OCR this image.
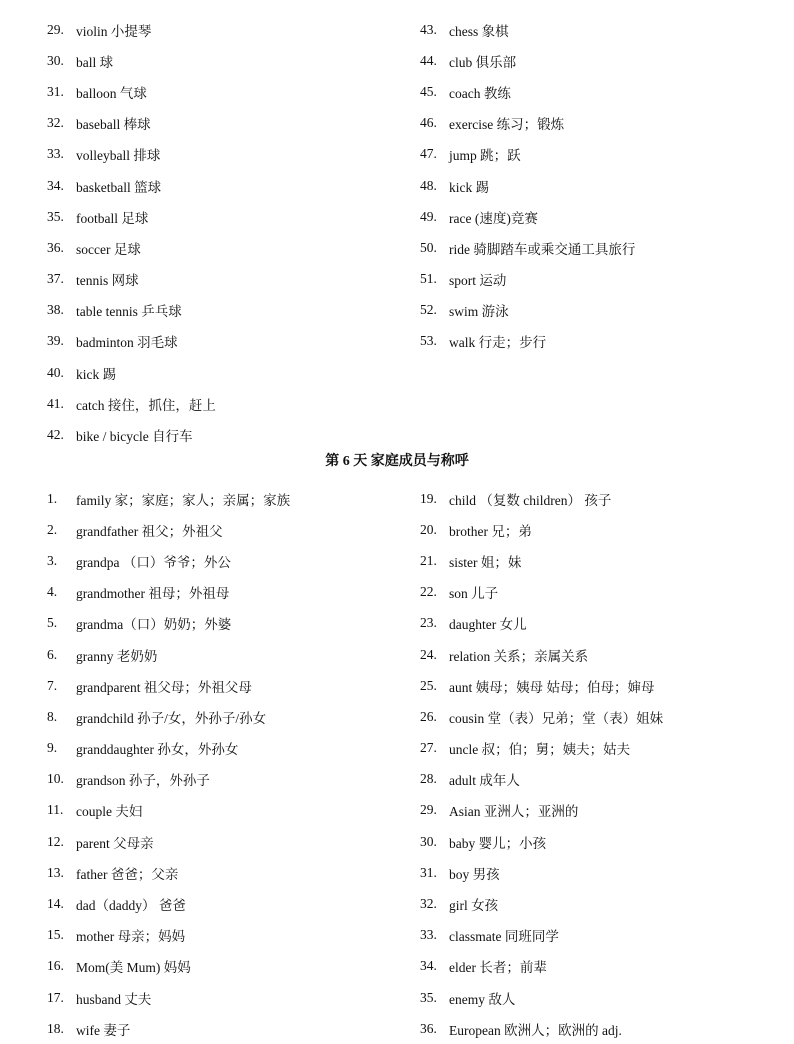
29. violin 小提琴
30. ball 球
31. balloon 气球
32. baseball 棒球
33. volleyball 排球
34. basketball 篮球
35. football 足球
36. soccer 足球
37. tennis 网球
38. table tennis 乒乓球
39. badminton 羽毛球
40. kick 踢
41. catch 接住，抓住，赶上
42. bike / bicycle 自行车
43. chess 象棋
44. club 俱乐部
45. coach 教练
46. exercise 练习；锻炼
47. jump 跳；跃
48. kick 踢
49. race (速度)竞赛
50. ride 骑脚踏车或乘交通工具旅行
51. sport 运动
52. swim 游泳
53. walk 行走；步行
第 6 天 家庭成员与称呼
1.	family 家；家庭；家人；亲属；家族
2.	grandfather 祖父；外祖父
3.	grandpa （口）爷爷；外公
4.	grandmother 祖母；外祖母
5.	grandma（口）奶奶；外婆
6.	granny 老奶奶
7.	grandparent 祖父母；外祖父母
8.	grandchild 孙子/女，外孙子/孙女
9.	granddaughter 孙女，外孙女
10. grandson 孙子，外孙子
11. couple 夫妇
12. parent 父母亲
13. father 爸爸；父亲
14. dad（daddy） 爸爸
15. mother 母亲；妈妈
16. Mom(美 Mum) 妈妈
17. husband 丈夫
18. wife 妻子
19. child （复数 children） 孩子
20. brother 兄；弟
21. sister 姐；妹
22. son 儿子
23. daughter 女儿
24. relation 关系；亲属关系
25. aunt 姨母；姨母 姑母；伯母；婶母
26. cousin 堂（表）兄弟；堂（表）姐妹
27. uncle 叔；伯；舅；姨夫；姑夫
28. adult 成年人
29. Asian 亚洲人；亚洲的
30. baby 婴儿；小孩
31. boy 男孩
32. girl 女孩
33. classmate 同班同学
34. elder 长者；前辈
35. enemy 敌人
36. European 欧洲人；欧洲的 adj.
